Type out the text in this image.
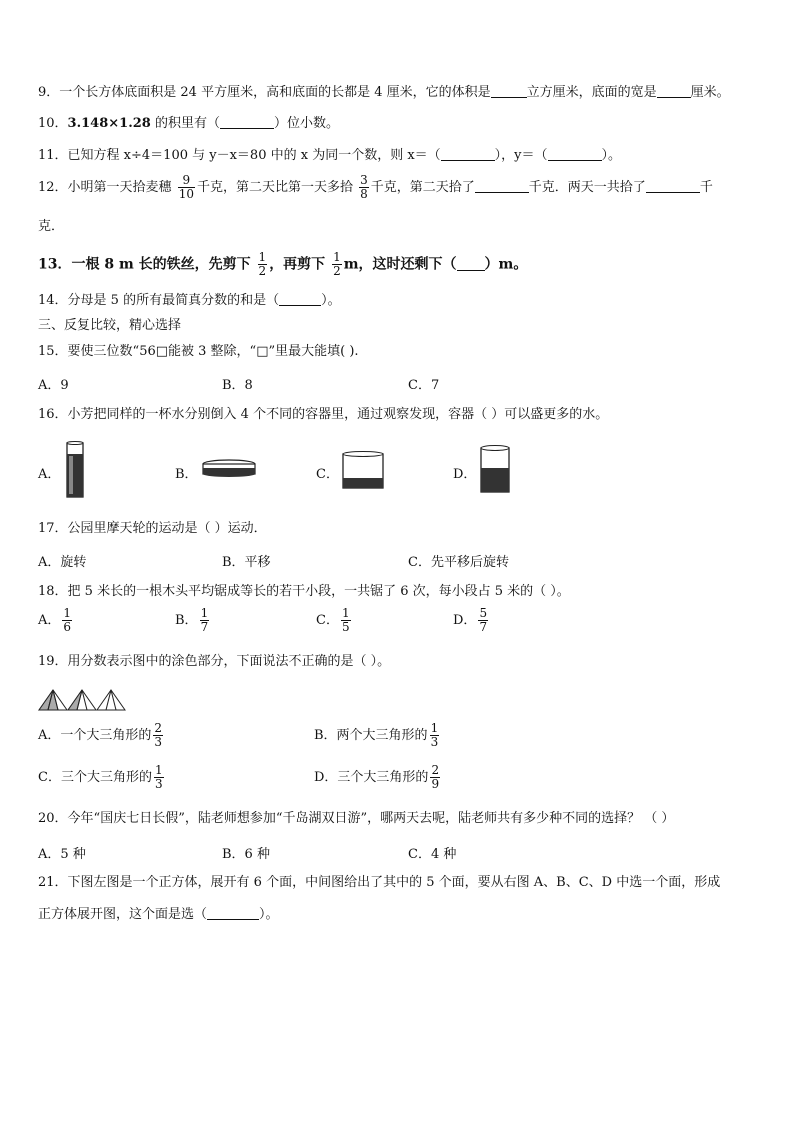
9．一个长方体底面积是 24 平方厘米，高和底面的长都是 4 厘米，它的体积是	立方厘米，底面的宽是	厘米。
10．3.148×1.28 的积里有（	）位小数。
11．已知方程 x÷4＝100 与 y－x＝80 中的 x 为同一个数，则 x＝（	），y＝（	）。
12．小明第一天拾麦穗 $\frac{9}{10}$ 千克，第二天比第一天多拾 $\frac{3}{8}$ 千克，第二天拾了	千克．两天一共拾了	千
克．
13．一根 8 m 长的铁丝，先剪下 $\frac{1}{2}$ ，再剪下 $\frac{1}{2}$ m，这时还剩下（ ）m。
14．分母是 5 的所有最简真分数的和是（	）。
三、反复比较，精心选择
15．要使三位数“56□能被 3 整除，“□”里最大能填( ).
A．9	B．8	C．7
16．小芳把同样的一杯水分别倒入 4 个不同的容器里，通过观察发现，容器（ ）可以盛更多的水。
A．	B．	C．	D．
17．公园里摩天轮的运动是（ ）运动．
A．旋转	B．平移	C．先平移后旋转
18．把 5 米长的一根木头平均锯成等长的若干小段，一共锯了 6 次，每小段占 5 米的（ ）。
A． $\frac{1}{6}$	B． $\frac{1}{7}$	C． $\frac{1}{5}$	D． $\frac{5}{7}$
19．用分数表示图中的涂色部分，下面说法不正确的是（ ）。
A．一个大三角形的 $\frac{2}{3}$	B．两个大三角形的 $\frac{1}{3}$
C．三个大三角形的 $\frac{1}{3}$	D．三个大三角形的 $\frac{2}{9}$
20．今年“国庆七日长假”，陆老师想参加“千岛湖双日游”，哪两天去呢，陆老师共有多少种不同的选择？ （ ）
A．5 种	B．6 种	C．4 种
21．下图左图是一个正方体，展开有 6 个面，中间图给出了其中的 5 个面，要从右图 A、B、C、D 中选一个面，形成
正方体展开图，这个面是选（	）。
